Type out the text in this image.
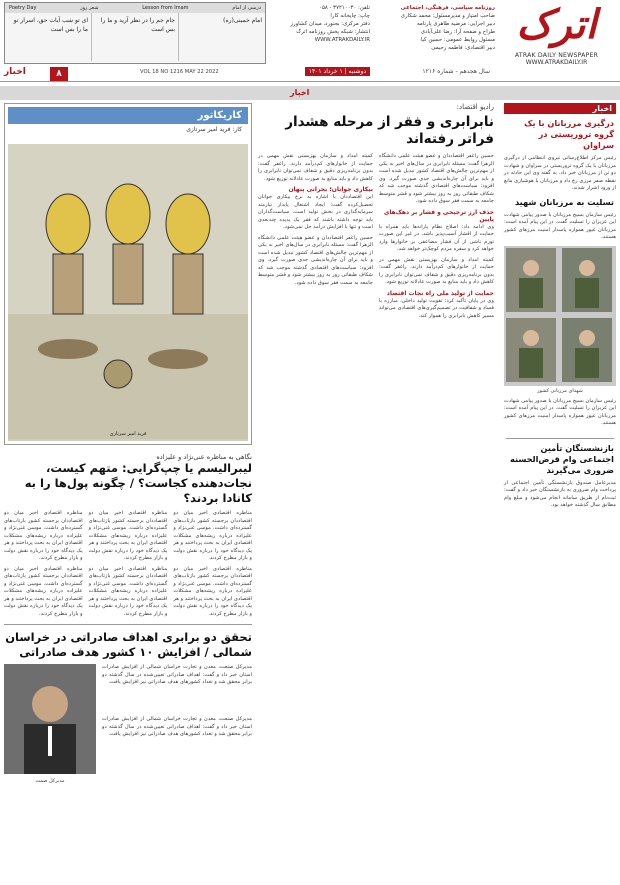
اترک
ATRAK DAILY NEWSPAPER
WWW.ATRAKDAILY.IR
روزنامه سیاسی، فرهنگی، اجتماعی
صاحب امتیاز و مدیرمسئول: محمد شکاری
دبیر اجرایی: مرضیه طاهری پارنامه
طراح و صفحه آرا: رضا علی‌آبادی
مسئول روابط عمومی: حسین کیا
دبیر اقتصادی: فاطمه رحیمی
تلفن: ۳۷۲۱۰۰۳۰ - ۰۵۸
چاپ: چاپخانه کارا
دفتر مرکزی: بجنورد، میدان کشاورز
انتشار: شبکه پخش روزنامه اترک
WWW.ATRAKDAILY.IR
Poetry Day	شعر روز	Lesson from Imam	درسی از امام
ای تو شب آیات حق، اسرار تو ما را بس است
جام جم را در نظر آرید و ما را بس است
امام خمینی(ره)
اخبار	۸	VOL 18 NO 1216 MAY 22 2022	دوشنبه | ۱ خرداد ۱۴۰۱	سال هجدهم - شماره ۱۲۱۶
اخبار
اخبار
درگیری مرزبانان با یک گروه تروریستی در سراوان
رئیس مرکز اطلاع‌رسانی نیروی انتظامی از درگیری مرزبانان با یک گروه تروریستی در سراوان و شهادت دو تن از مرزبانان خبر داد. به گفته وی این حادثه در نقطه صفر مرزی رخ داد و مرزبانان با هوشیاری مانع از ورود اشرار شدند.
تسلیت به مرزبانان شهید
رئیس سازمان بسیج مرزبانان با صدور پیامی شهادت این عزیزان را تسلیت گفت. در این پیام آمده است: مرزبانان غیور همواره پاسدار امنیت مرزهای کشور هستند.
شهدای مرزبانی کشور
رئیس سازمان بسیج مرزبانان با صدور پیامی شهادت این عزیزان را تسلیت گفت. در این پیام آمده است: مرزبانان غیور همواره پاسدار امنیت مرزهای کشور هستند.
بازنشستگان تأمین اجتماعی وام قرض‌الحسنه ضروری می‌گیرند
مدیرعامل صندوق بازنشستگی تأمین اجتماعی از پرداخت وام ضروری به بازنشستگان خبر داد و گفت: ثبت‌نام از طریق سامانه انجام می‌شود و مبلغ وام مطابق سال گذشته خواهد بود.
رادیو اقتصاد:
نابرابری و فقر از مرحله هشدار فراتر رفته‌اند
حسین راغفر اقتصاددان و عضو هیئت علمی دانشگاه الزهرا گفت: مسئله نابرابری در سال‌های اخیر به یکی از مهم‌ترین چالش‌های اقتصاد کشور تبدیل شده است و باید برای آن چاره‌اندیشی جدی صورت گیرد. وی افزود: سیاست‌های اقتصادی گذشته موجب شد که شکاف طبقاتی روز به روز بیشتر شود و قشر متوسط جامعه به سمت فقر سوق داده شود.
حذف ارز ترجیحی و فشار بر دهک‌های پایین
وی ادامه داد: اصلاح نظام یارانه‌ها باید همراه با حمایت از اقشار آسیب‌پذیر باشد. در غیر این صورت تورم ناشی از آن فشار مضاعفی بر خانوارها وارد خواهد کرد و سفره مردم کوچک‌تر خواهد شد.
کمیته امداد و سازمان بهزیستی نقش مهمی در حمایت از خانوارهای کم‌درآمد دارند. راغفر گفت: بدون برنامه‌ریزی دقیق و شفاف نمی‌توان نابرابری را کاهش داد و باید منابع به صورت عادلانه توزیع شود.
حمایت از تولید ملی راه نجات اقتصاد
وی در پایان تأکید کرد: تقویت تولید داخلی، مبارزه با فساد و شفافیت در تصمیم‌گیری‌های اقتصادی می‌تواند مسیر کاهش نابرابری را هموار کند.
کمیته امداد و سازمان بهزیستی نقش مهمی در حمایت از خانوارهای کم‌درآمد دارند. راغفر گفت: بدون برنامه‌ریزی دقیق و شفاف نمی‌توان نابرابری را کاهش داد و باید منابع به صورت عادلانه توزیع شود.
بیکاری جوانان؛ بحرانی پنهان
این اقتصاددان با اشاره به نرخ بیکاری جوانان تحصیل‌کرده گفت: ایجاد اشتغال پایدار نیازمند سرمایه‌گذاری در بخش تولید است. سیاست‌گذاران باید توجه داشته باشند که فقر یک پدیده چندبعدی است و تنها با افزایش درآمد حل نمی‌شود.
حسین راغفر اقتصاددان و عضو هیئت علمی دانشگاه الزهرا گفت: مسئله نابرابری در سال‌های اخیر به یکی از مهم‌ترین چالش‌های اقتصاد کشور تبدیل شده است و باید برای آن چاره‌اندیشی جدی صورت گیرد. وی افزود: سیاست‌های اقتصادی گذشته موجب شد که شکاف طبقاتی روز به روز بیشتر شود و قشر متوسط جامعه به سمت فقر سوق داده شود.
کاریکاتور
کار: فرید امیر سرتازی
فرید امیر سرتازی
نگاهی به مناظره عنی‌نژاد و علیزاده
لیبرالیسم یا چپ‌گرایی: متهم کیست، نجات‌دهنده کجاست؟ / چگونه پول‌ها را به کانادا بردند؟
مناظره اقتصادی اخیر میان دو اقتصاددان برجسته کشور بازتاب‌های گسترده‌ای داشت. موسی غنی‌نژاد و علیزاده درباره ریشه‌های مشکلات اقتصادی ایران به بحث پرداختند و هر یک دیدگاه خود را درباره نقش دولت و بازار مطرح کردند.
مناظره اقتصادی اخیر میان دو اقتصاددان برجسته کشور بازتاب‌های گسترده‌ای داشت. موسی غنی‌نژاد و علیزاده درباره ریشه‌های مشکلات اقتصادی ایران به بحث پرداختند و هر یک دیدگاه خود را درباره نقش دولت و بازار مطرح کردند.
مناظره اقتصادی اخیر میان دو اقتصاددان برجسته کشور بازتاب‌های گسترده‌ای داشت. موسی غنی‌نژاد و علیزاده درباره ریشه‌های مشکلات اقتصادی ایران به بحث پرداختند و هر یک دیدگاه خود را درباره نقش دولت و بازار مطرح کردند.
مناظره اقتصادی اخیر میان دو اقتصاددان برجسته کشور بازتاب‌های گسترده‌ای داشت. موسی غنی‌نژاد و علیزاده درباره ریشه‌های مشکلات اقتصادی ایران به بحث پرداختند و هر یک دیدگاه خود را درباره نقش دولت و بازار مطرح کردند.
مناظره اقتصادی اخیر میان دو اقتصاددان برجسته کشور بازتاب‌های گسترده‌ای داشت. موسی غنی‌نژاد و علیزاده درباره ریشه‌های مشکلات اقتصادی ایران به بحث پرداختند و هر یک دیدگاه خود را درباره نقش دولت و بازار مطرح کردند.
مناظره اقتصادی اخیر میان دو اقتصاددان برجسته کشور بازتاب‌های گسترده‌ای داشت. موسی غنی‌نژاد و علیزاده درباره ریشه‌های مشکلات اقتصادی ایران به بحث پرداختند و هر یک دیدگاه خود را درباره نقش دولت و بازار مطرح کردند.
تحقق دو برابری اهداف صادراتی در خراسان شمالی / افزایش ۱۰ کشور هدف صادراتی
مدیرکل صنعت، معدن و تجارت خراسان شمالی از افزایش صادرات استان خبر داد و گفت: اهداف صادراتی تعیین‌شده در سال گذشته دو برابر محقق شد و تعداد کشورهای هدف صادراتی نیز افزایش یافت.
مدیرکل صنعت، معدن و تجارت خراسان شمالی از افزایش صادرات استان خبر داد و گفت: اهداف صادراتی تعیین‌شده در سال گذشته دو برابر محقق شد و تعداد کشورهای هدف صادراتی نیز افزایش یافت.
مدیرکل صمت
